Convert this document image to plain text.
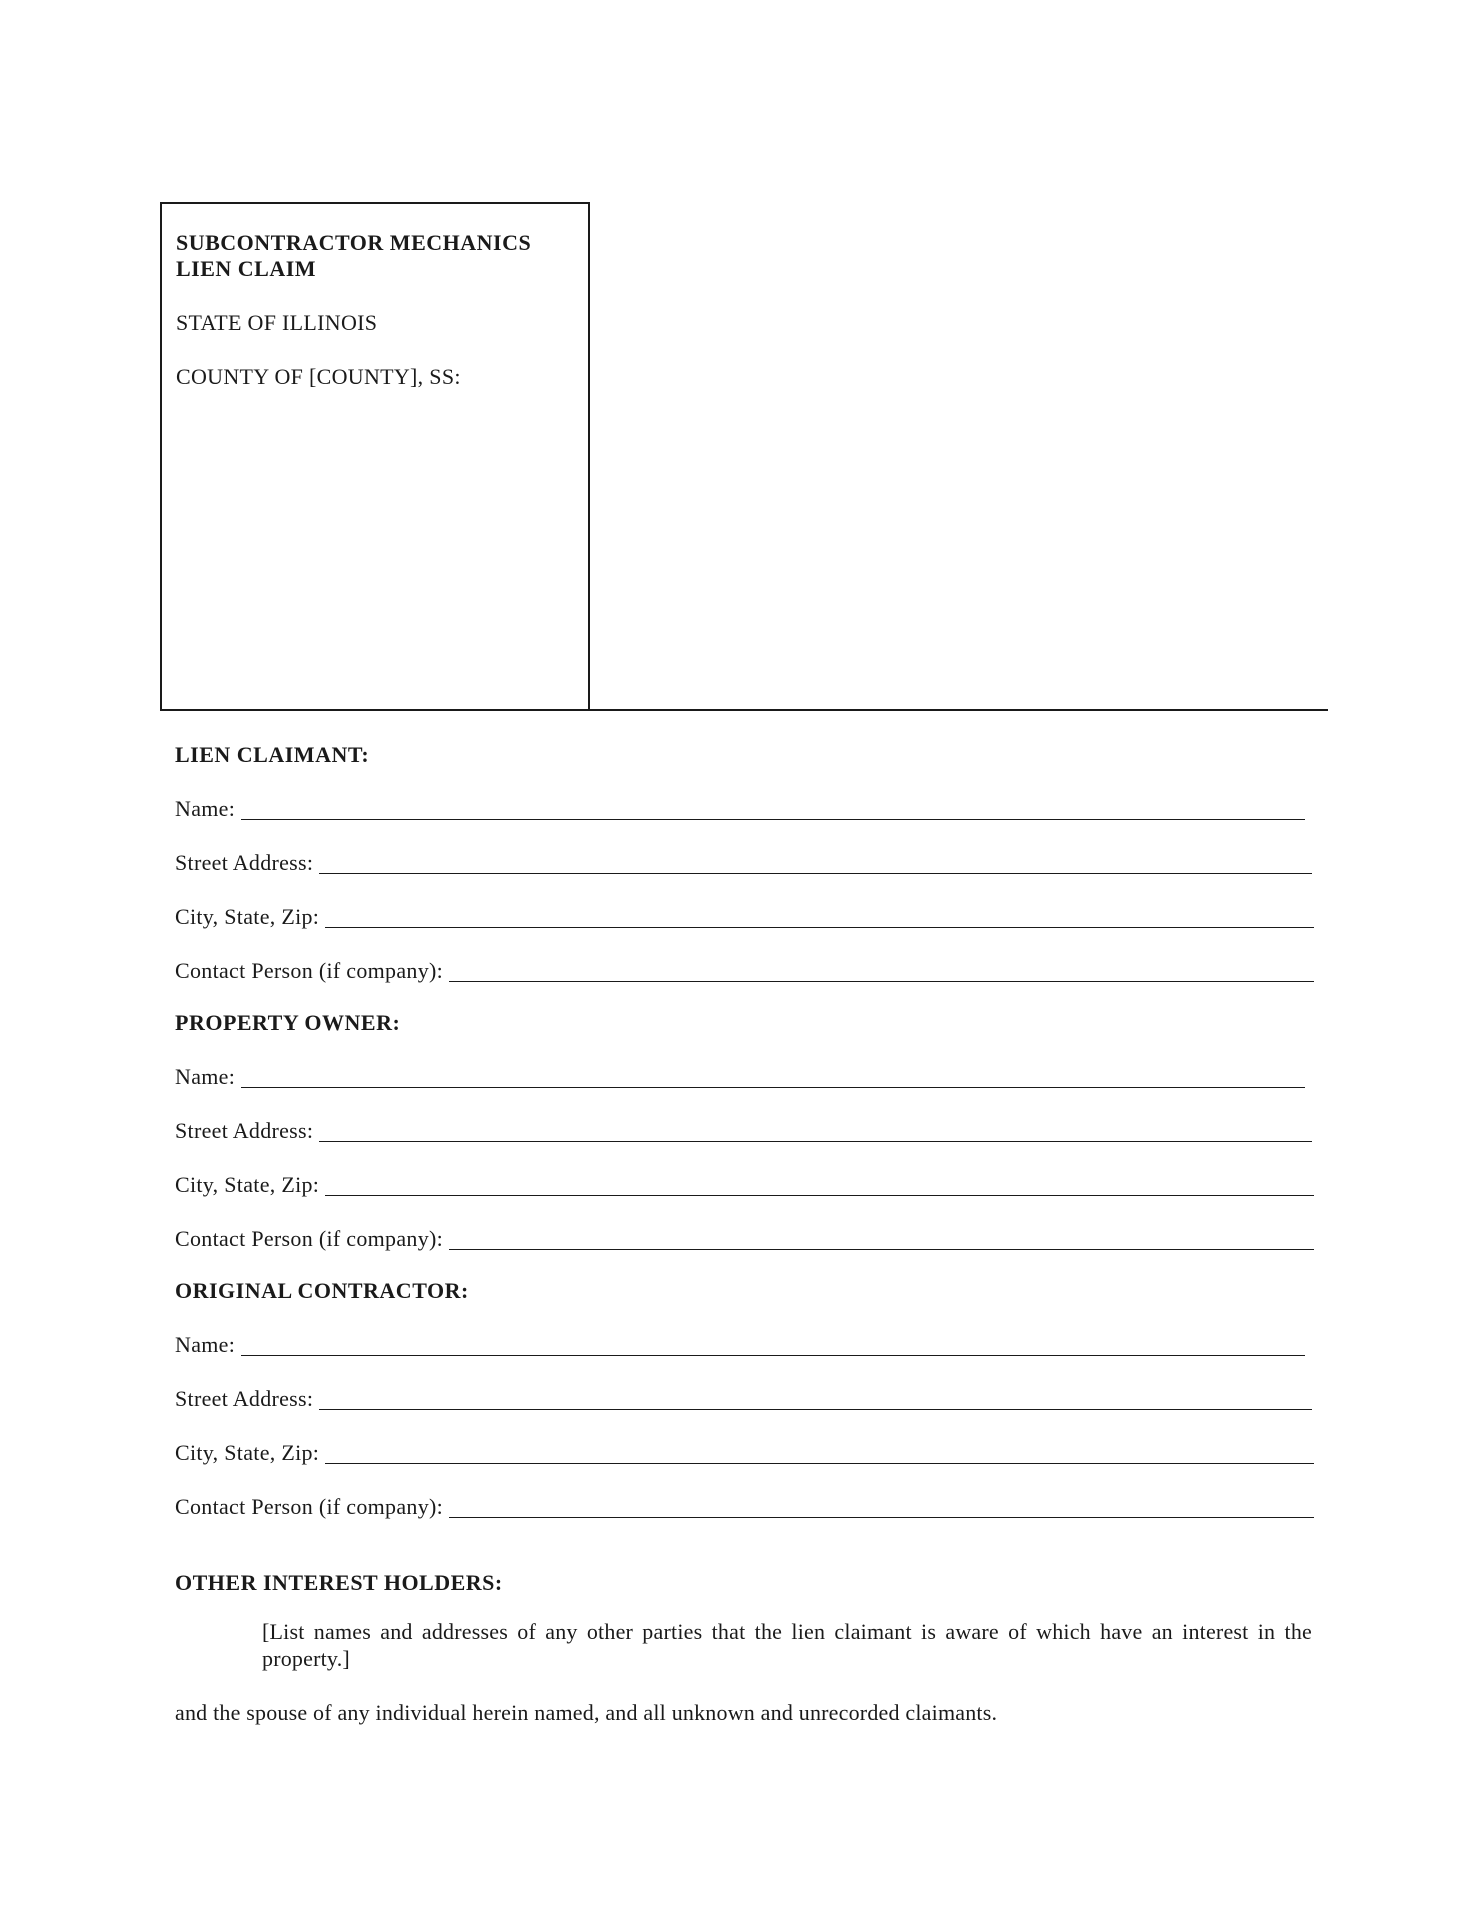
SUBCONTRACTOR MECHANICS LIEN CLAIM
STATE OF ILLINOIS
COUNTY OF [COUNTY], SS:
LIEN CLAIMANT:
Name:
Street Address:
City, State, Zip:
Contact Person (if company):
PROPERTY OWNER:
Name:
Street Address:
City, State, Zip:
Contact Person (if company):
ORIGINAL CONTRACTOR:
Name:
Street Address:
City, State, Zip:
Contact Person (if company):
OTHER INTEREST HOLDERS:
[List names and addresses of any other parties that the lien claimant is aware of which have an interest in the property.]
and the spouse of any individual herein named, and all unknown and unrecorded claimants.
